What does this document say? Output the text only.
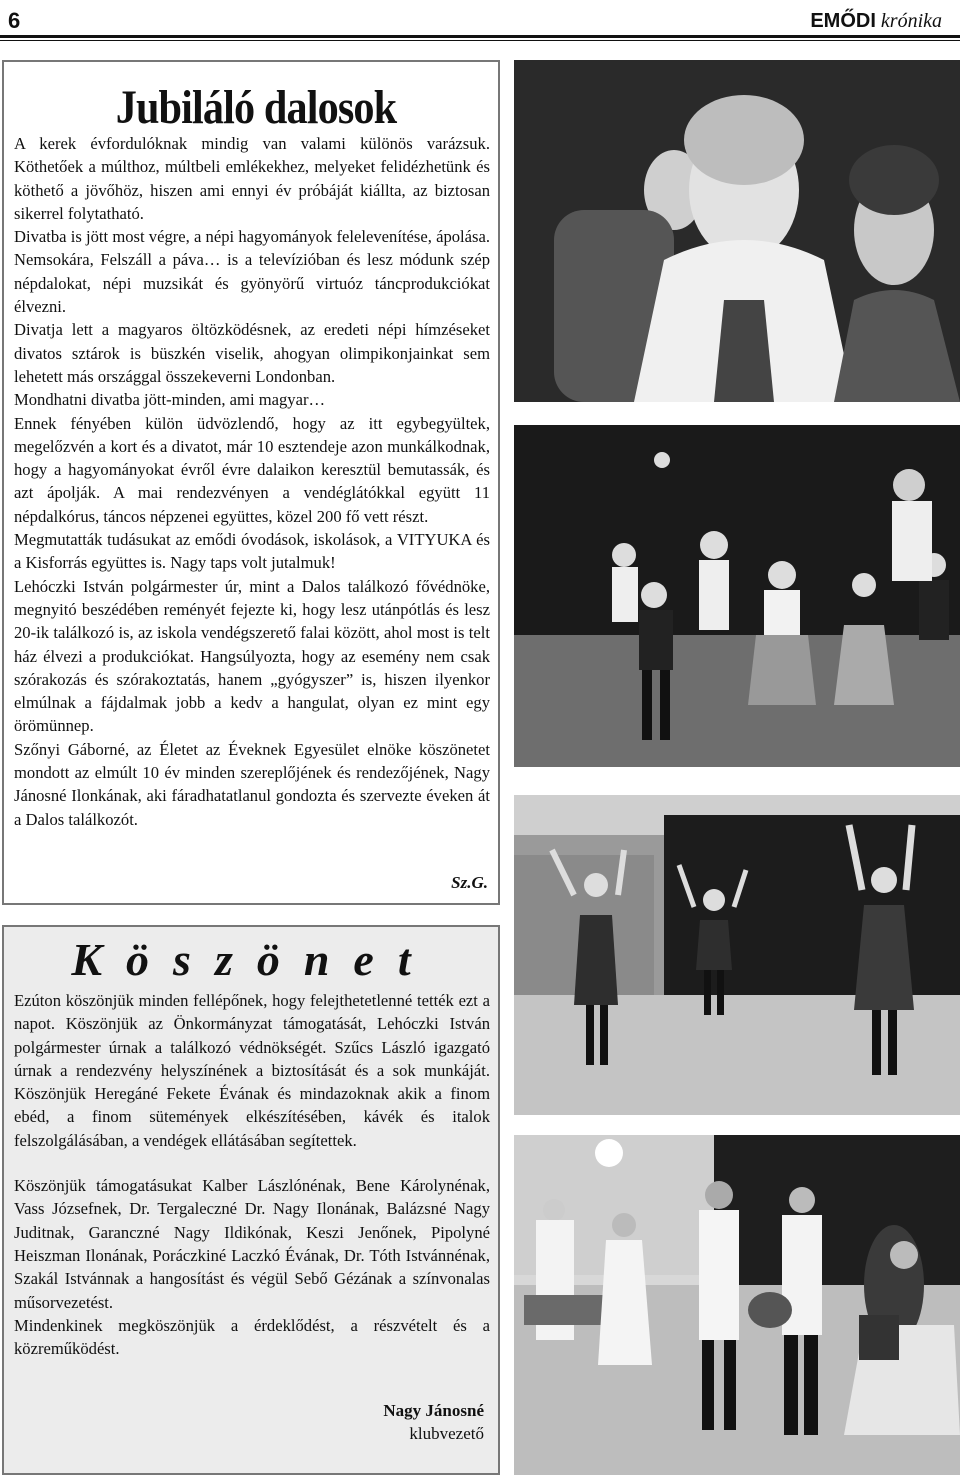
6	EMŐDI krónika
Jubiláló dalosok

A kerek évfordulóknak mindig van valami különös varázsuk. Köthetőek a múlthoz, múltbeli emlékekhez, melyeket felidézhetünk és köthető a jövőhöz, hiszen ami ennyi év próbáját kiállta, az biztosan sikerrel folytatható.

Divatba is jött most végre, a népi hagyományok felelevenítése, ápolása. Nemsokára, Felszáll a páva… is a televízióban és lesz módunk szép népdalokat, népi muzsikát és gyönyörű virtuóz táncprodukciókat élvezni.

Divatja lett a magyaros öltözködésnek, az eredeti népi hímzéseket divatos sztárok is büszkén viselik, ahogyan olimpikonjainkat sem lehetett más országgal összekeverni Londonban.

Mondhatni divatba jött-minden, ami magyar…

Ennek fényében külön üdvözlendő, hogy az itt egybegyültek, megelőzvén a kort és a divatot, már 10 esztendeje azon munkálkodnak, hogy a hagyományokat évről évre dalaikon keresztül bemutassák, és azt ápolják. A mai rendezvényen a vendéglátókkal együtt 11 népdalkórus, táncos népzenei együttes, közel 200 fő vett részt.

Megmutatták tudásukat az emődi óvodások, iskolások, a VITYUKA és a Kisforrás együttes is. Nagy taps volt jutalmuk!

Lehóczki István polgármester úr, mint a Dalos találkozó fővédnöke, megnyitó beszédében reményét fejezte ki, hogy lesz utánpótlás és lesz 20-ik találkozó is, az iskola vendégszerető falai között, ahol most is telt ház élvezi a produkciókat. Hangsúlyozta, hogy az esemény nem csak szórakozás és szórakoztatás, hanem „gyógyszer” is, hiszen ilyenkor elmúlnak a fájdalmak jobb a kedv a hangulat, olyan ez mint egy örömünnep.

Szőnyi Gáborné, az Életet az Éveknek Egyesület elnöke köszönetet mondott az elmúlt 10 év minden szereplőjének és rendezőjének, Nagy Jánosné Ilonkának, aki fáradhatatlanul gondozta és szervezte éveken át a Dalos találkozót.

Sz.G.
Köszönet

Ezúton köszönjük minden fellépőnek, hogy felejthetetlenné tették ezt a napot. Köszönjük az Önkormányzat támogatását, Lehóczki István polgármester úrnak a találkozó védnökségét. Szűcs László igazgató úrnak a rendezvény helyszínének a biztosítását és a sok munkáját. Köszönjük Heregáné Fekete Évának és mindazoknak akik a finom ebéd, a finom sütemények elkészítésében, kávék és italok felszolgálásában, a vendégek ellátásában segítettek.

Köszönjük támogatásukat Kalber Lászlónénak, Bene Károlynénak, Vass Józsefnek, Dr. Tergaleczné Dr. Nagy Ilonának, Balázsné Nagy Juditnak, Garanczné Nagy Ildikónak, Keszi Jenőnek, Pipolyné Heiszman Ilonának, Poráczkiné Laczkó Évának, Dr. Tóth Istvánnénak, Szakál Istvánnak a hangosítást és végül Sebő Gézának a színvonalas műsorvezetést.

Mindenkinek megköszönjük a érdeklődést, a részvételt és a közreműködést.

Nagy Jánosné
klubvezető
